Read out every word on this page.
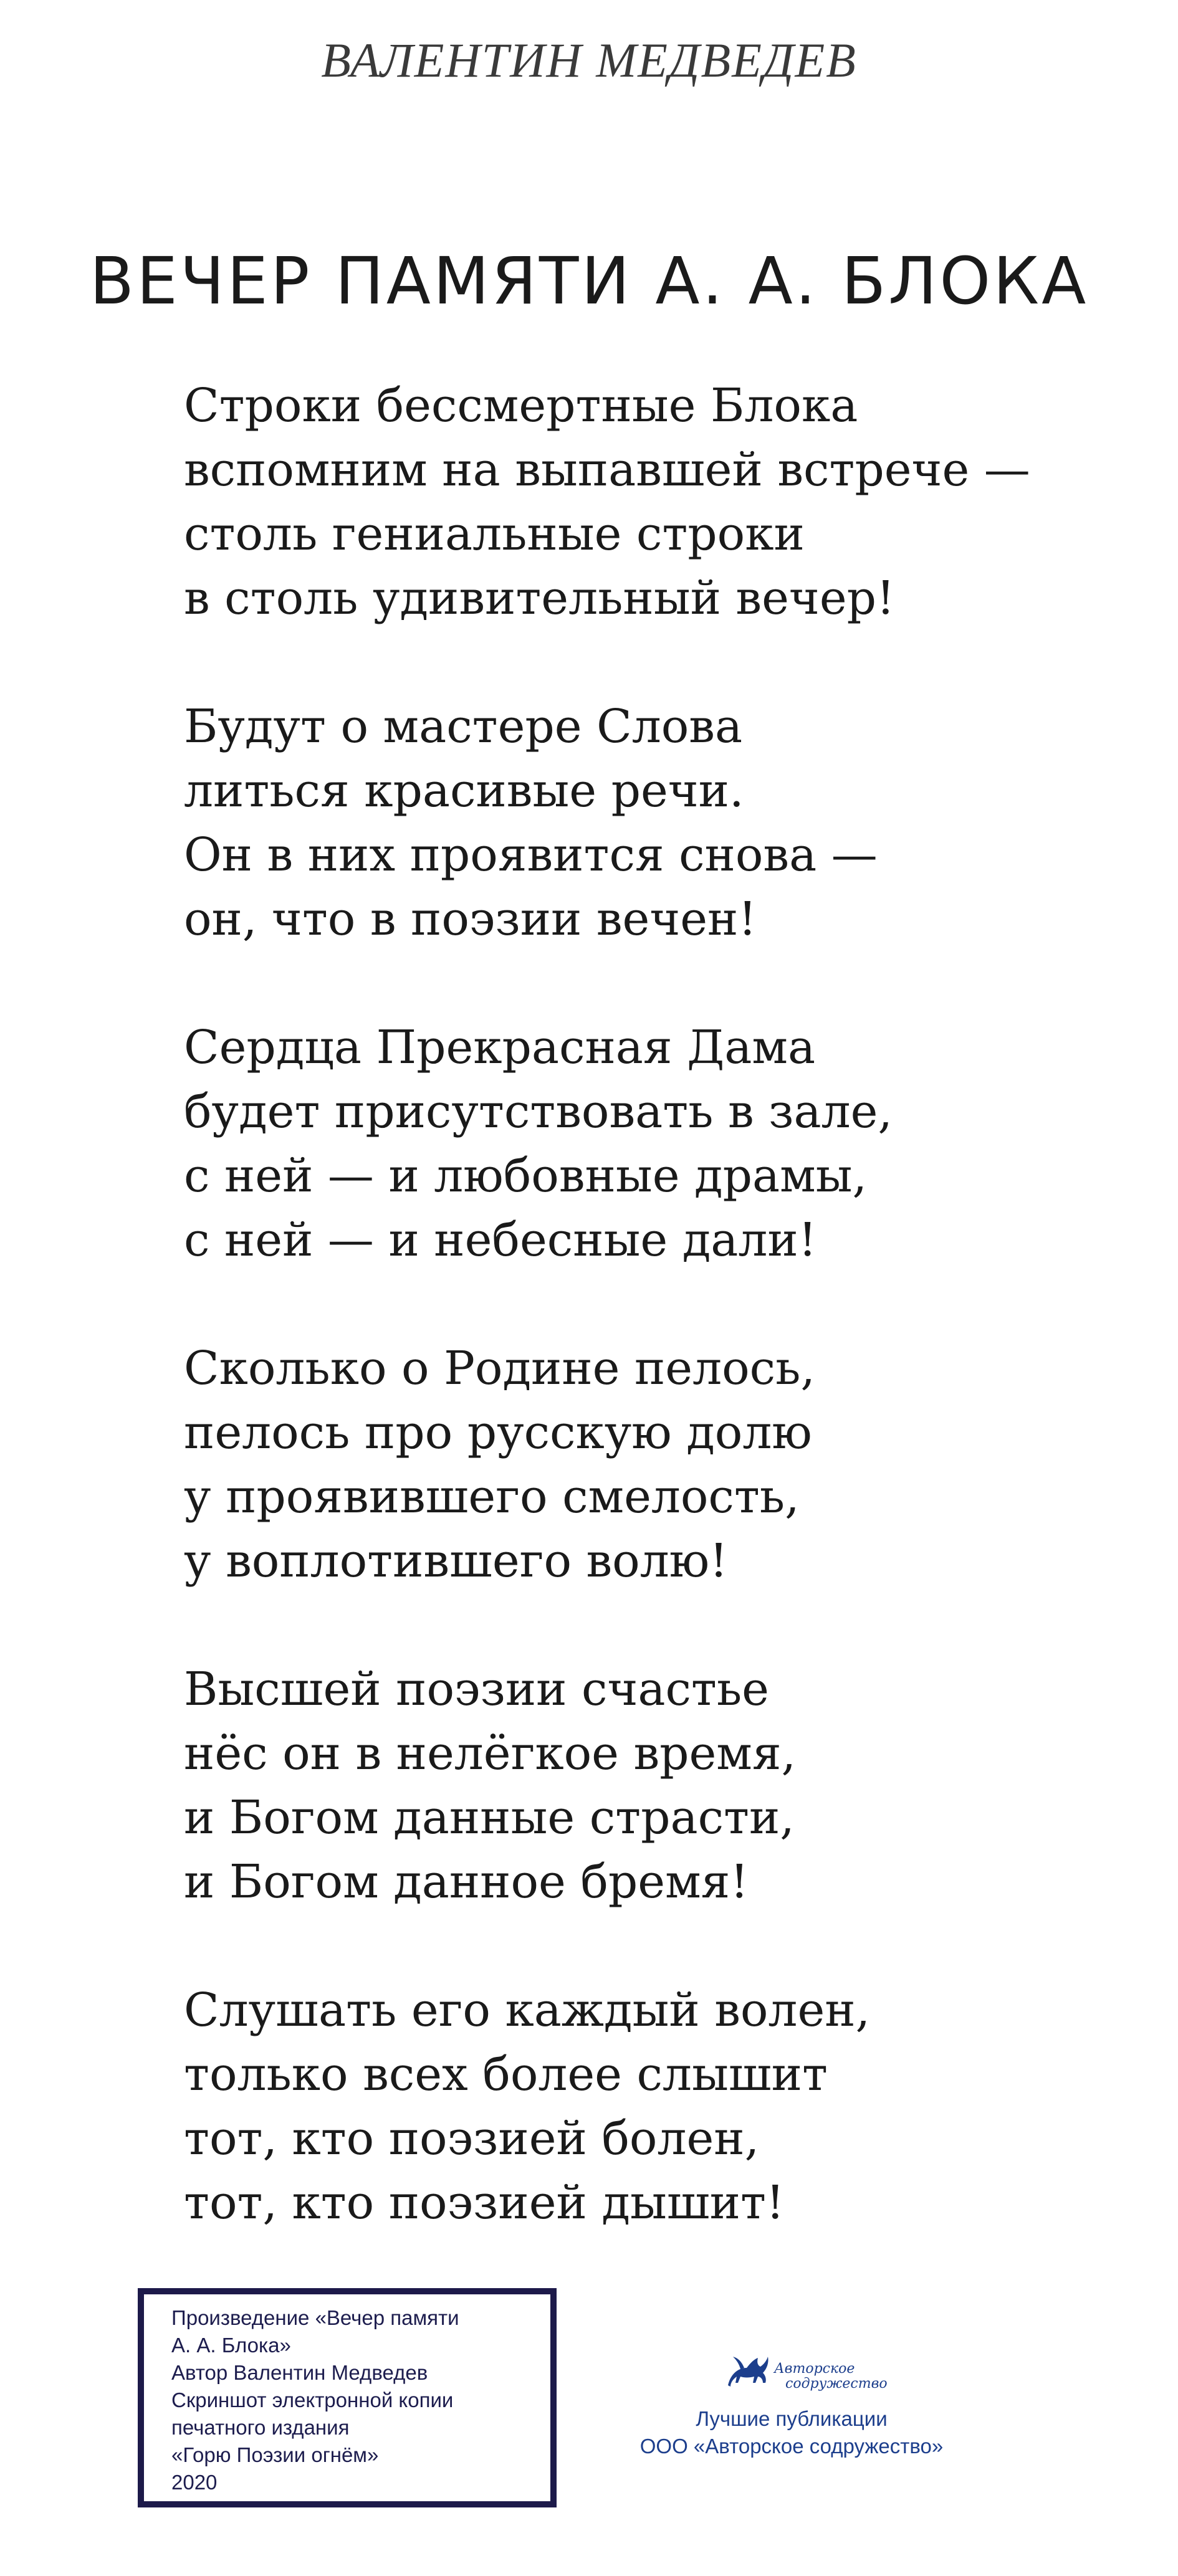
ВАЛЕНТИН МЕДВЕДЕВ
ВЕЧЕР ПАМЯТИ А. А. БЛОКА
Строки бессмертные Блока
вспомним на выпавшей встрече —
столь гениальные строки
в столь удивительный вечер!
Будут о мастере Слова
литься красивые речи.
Он в них проявится снова —
он, что в поэзии вечен!
Сердца Прекрасная Дама
будет присутствовать в зале,
с ней — и любовные драмы,
с ней — и небесные дали!
Сколько о Родине пелось,
пелось про русскую долю
у проявившего смелость,
у воплотившего волю!
Высшей поэзии счастье
нёс он в нелёгкое время,
и Богом данные страсти,
и Богом данное бремя!
Слушать его каждый волен,
только всех более слышит
тот, кто поэзией болен,
тот, кто поэзией дышит!
Произведение «Вечер памяти
А. А. Блока»
Автор Валентин Медведев
Скриншот электронной копии
печатного издания
«Горю Поэзии огнём»
2020
Авторское
содружество
Лучшие публикации
ООО «Авторское содружество»
